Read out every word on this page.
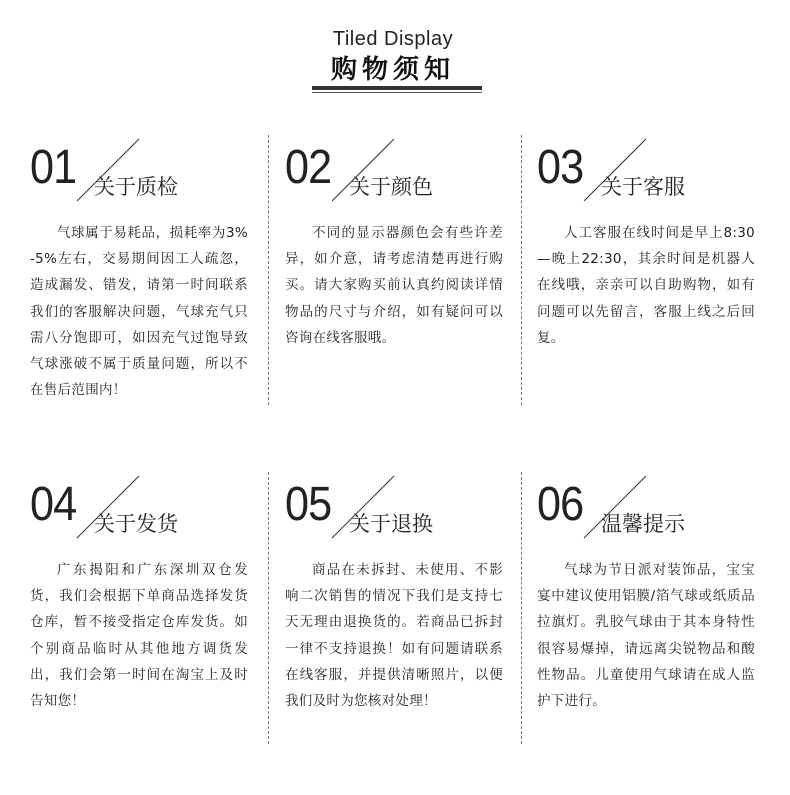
Tiled Display
购物须知
01 关于质检
气球属于易耗品，损耗率为3%-5%左右，交易期间因工人疏忽，造成漏发、错发，请第一时间联系我们的客服解决问题，气球充气只需八分饱即可，如因充气过饱导致气球涨破不属于质量问题，所以不在售后范围内！
02 关于颜色
不同的显示器颜色会有些许差异，如介意，请考虑清楚再进行购买。请大家购买前认真约阅读详情物品的尺寸与介绍，如有疑问可以咨询在线客服哦。
03 关于客服
人工客服在线时间是早上8:30—晚上22:30，其余时间是机器人在线哦，亲亲可以自助购物，如有问题可以先留言，客服上线之后回复。
04 关于发货
广东揭阳和广东深圳双仓发货，我们会根据下单商品选择发货仓库，暂不接受指定仓库发货。如个别商品临时从其他地方调货发出，我们会第一时间在淘宝上及时告知您！
05 关于退换
商品在未拆封、未使用、不影响二次销售的情况下我们是支持七天无理由退换货的。若商品已拆封一律不支持退换！如有问题请联系在线客服，并提供清晰照片，以便我们及时为您核对处理！
06 温馨提示
气球为节日派对装饰品，宝宝宴中建议使用铝膜/箔气球或纸质品拉旗灯。乳胶气球由于其本身特性很容易爆掉，请远离尖锐物品和酸性物品。儿童使用气球请在成人监护下进行。
